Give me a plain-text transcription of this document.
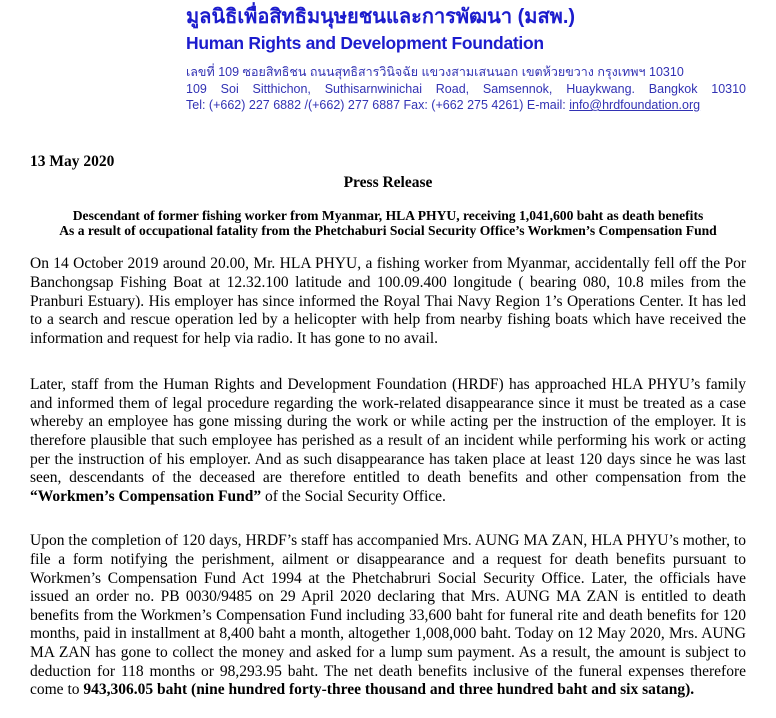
มูลนิธิเพื่อสิทธิมนุษยชนและการพัฒนา (มสพ.)
Human Rights and Development Foundation
เลขที่ 109 ซอยสิทธิชน ถนนสุทธิสารวินิจฉัย แขวงสามเสนนอก เขตห้วยขวาง กรุงเทพฯ 10310
109 Soi Sitthichon, Suthisarnwinichai Road, Samsennok, Huaykwang. Bangkok 10310
Tel: (+662) 227 6882 /(+662) 277 6887 Fax: (+662 275 4261) E-mail: info@hrdfoundation.org
13 May 2020
Press Release
Descendant of former fishing worker from Myanmar, HLA PHYU, receiving 1,041,600 baht as death benefits
As a result of occupational fatality from the Phetchaburi Social Security Office’s Workmen’s Compensation Fund

On 14 October 2019 around 20.00, Mr. HLA PHYU, a fishing worker from Myanmar, accidentally fell off the Por Banchongsap Fishing Boat at 12.32.100 latitude and 100.09.400 longitude ( bearing 080, 10.8 miles from the Pranburi Estuary). His employer has since informed the Royal Thai Navy Region 1’s Operations Center. It has led to a search and rescue operation led by a helicopter with help from nearby fishing boats which have received the information and request for help via radio. It has gone to no avail.

Later, staff from the Human Rights and Development Foundation (HRDF) has approached HLA PHYU’s family and informed them of legal procedure regarding the work-related disappearance since it must be treated as a case whereby an employee has gone missing during the work or while acting per the instruction of the employer. It is therefore plausible that such employee has perished as a result of an incident while performing his work or acting per the instruction of his employer. And as such disappearance has taken place at least 120 days since he was last seen, descendants of the deceased are therefore entitled to death benefits and other compensation from the “Workmen’s Compensation Fund” of the Social Security Office.

Upon the completion of 120 days, HRDF’s staff has accompanied Mrs. AUNG MA ZAN, HLA PHYU’s mother, to file a form notifying the perishment, ailment or disappearance and a request for death benefits pursuant to Workmen’s Compensation Fund Act 1994 at the Phetchabruri Social Security Office. Later, the officials have issued an order no. PB 0030/9485 on 29 April 2020 declaring that Mrs. AUNG MA ZAN is entitled to death benefits from the Workmen’s Compensation Fund including 33,600 baht for funeral rite and death benefits for 120 months, paid in installment at 8,400 baht a month, altogether 1,008,000 baht. Today on 12 May 2020, Mrs. AUNG MA ZAN has gone to collect the money and asked for a lump sum payment. As a result, the amount is subject to deduction for 118 months or 98,293.95 baht. The net death benefits inclusive of the funeral expenses therefore come to 943,306.05 baht (nine hundred forty-three thousand and three hundred baht and six satang).
